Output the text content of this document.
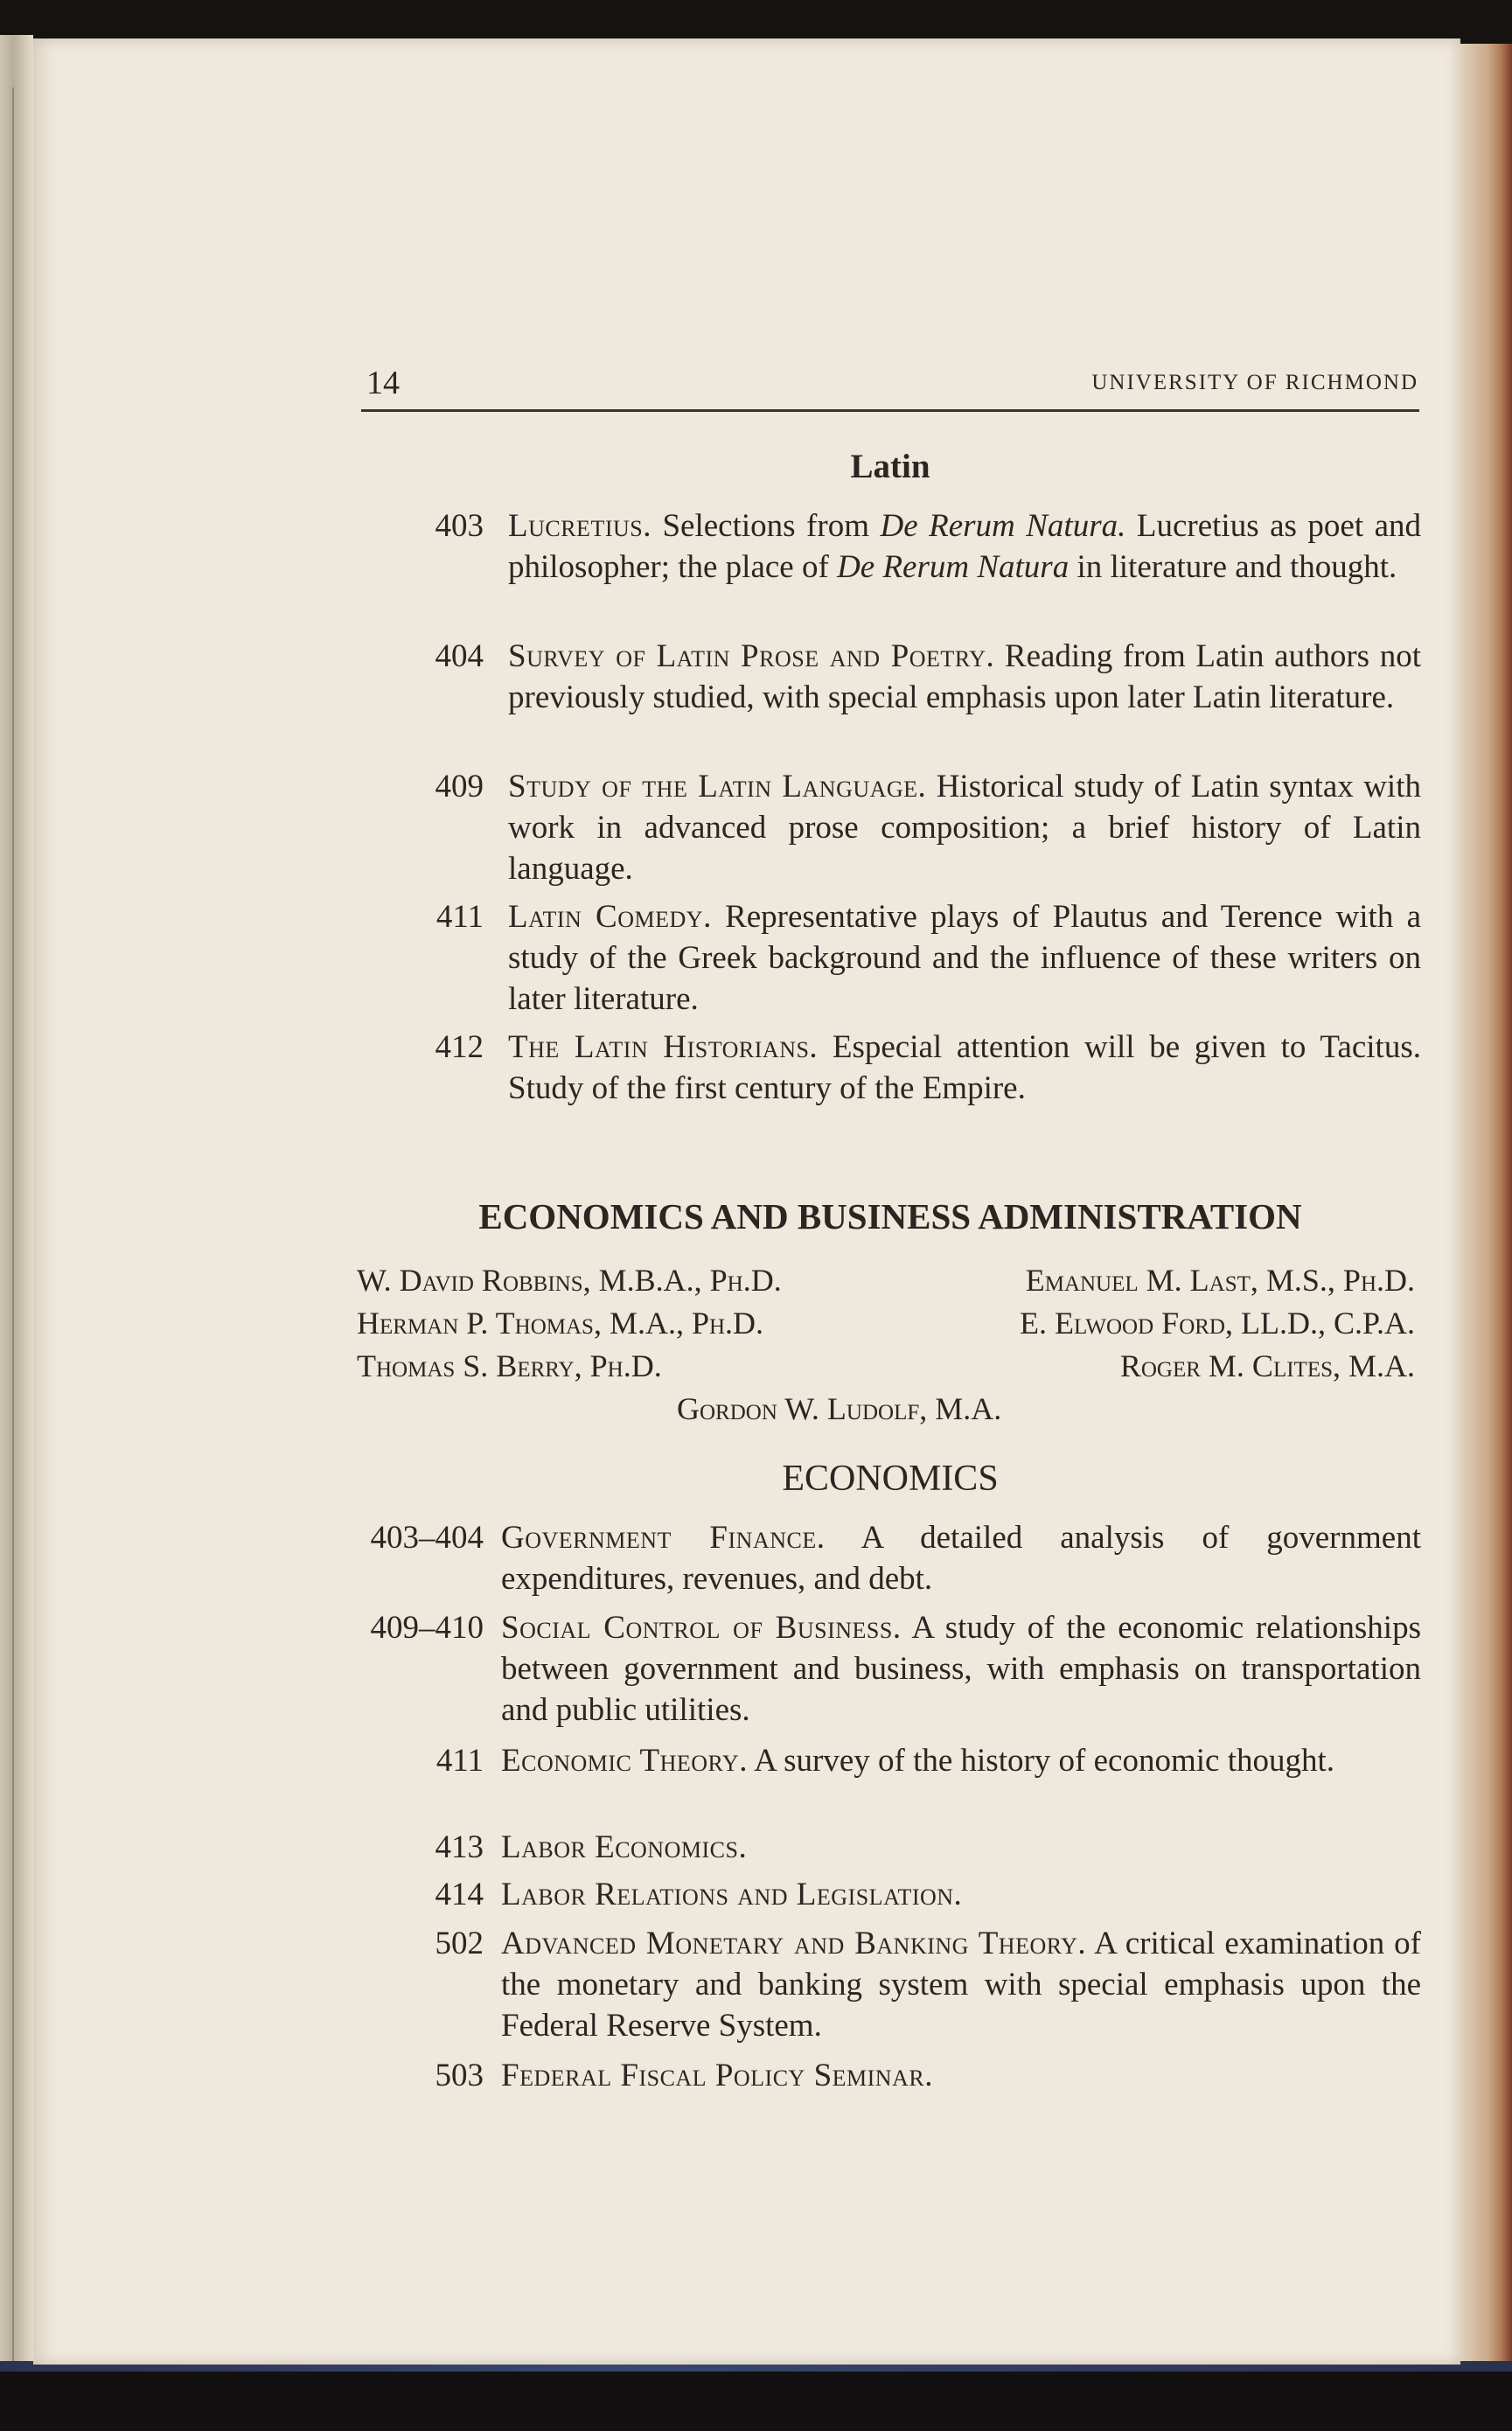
14	UNIVERSITY OF RICHMOND
Latin
403 Lucretius. Selections from De Rerum Natura. Lucretius as poet and philosopher; the place of De Rerum Natura in literature and thought.
404 Survey of Latin Prose and Poetry. Reading from Latin authors not previously studied, with special emphasis upon later Latin literature.
409 Study of the Latin Language. Historical study of Latin syntax with work in advanced prose composition; a brief history of Latin language.
411 Latin Comedy. Representative plays of Plautus and Terence with a study of the Greek background and the influence of these writers on later literature.
412 The Latin Historians. Especial attention will be given to Tacitus. Study of the first century of the Empire.
ECONOMICS AND BUSINESS ADMINISTRATION
W. David Robbins, M.B.A., Ph.D.	Emanuel M. Last, M.S., Ph.D.
Herman P. Thomas, M.A., Ph.D.	E. Elwood Ford, LL.D., C.P.A.
Thomas S. Berry, Ph.D.	Roger M. Clites, M.A.
Gordon W. Ludolf, M.A.
ECONOMICS
403–404 Government Finance. A detailed analysis of government expenditures, revenues, and debt.
409–410 Social Control of Business. A study of the economic relationships between government and business, with emphasis on transportation and public utilities.
411 Economic Theory. A survey of the history of economic thought.
413 Labor Economics.
414 Labor Relations and Legislation.
502 Advanced Monetary and Banking Theory. A critical examination of the monetary and banking system with special emphasis upon the Federal Reserve System.
503 Federal Fiscal Policy Seminar.
